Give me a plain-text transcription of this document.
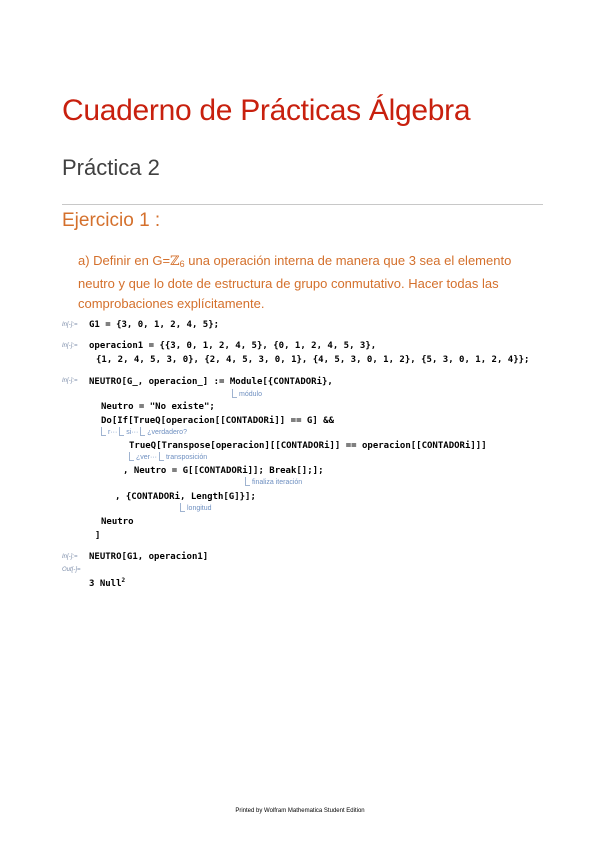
Cuaderno de Prácticas Álgebra
Práctica 2
Ejercicio 1 :
a) Definir en G=ℤ$_6$ una operación interna de manera que 3 sea el elemento neutro y que lo dote de estructura de grupo conmutativo. Hacer todas las comprobaciones explícitamente.
In[-]:=
In[-]:=
In[-]:=
In[-]:=
Out[-]=
G1 = {3, 0, 1, 2, 4, 5};
operacion1 = {{3, 0, 1, 2, 4, 5}, {0, 1, 2, 4, 5, 3},
{1, 2, 4, 5, 3, 0}, {2, 4, 5, 3, 0, 1}, {4, 5, 3, 0, 1, 2}, {5, 3, 0, 1, 2, 4}};
NEUTRO[G_, operacion_] := Module[{CONTADORi},
módulo
Neutro = "No existe";
Do[If[TrueQ[operacion[[CONTADORi]] == G] &&
r··· si··· ¿verdadero?
TrueQ[Transpose[operacion][[CONTADORi]] == operacion[[CONTADORi]]]
¿ver··· transposición
, Neutro = G[[CONTADORi]]; Break[];];
finaliza iteración
, {CONTADORi, Length[G]}];
longitud
Neutro
]
NEUTRO[G1, operacion1]
3 Null$^2$
Printed by Wolfram Mathematica Student Edition
